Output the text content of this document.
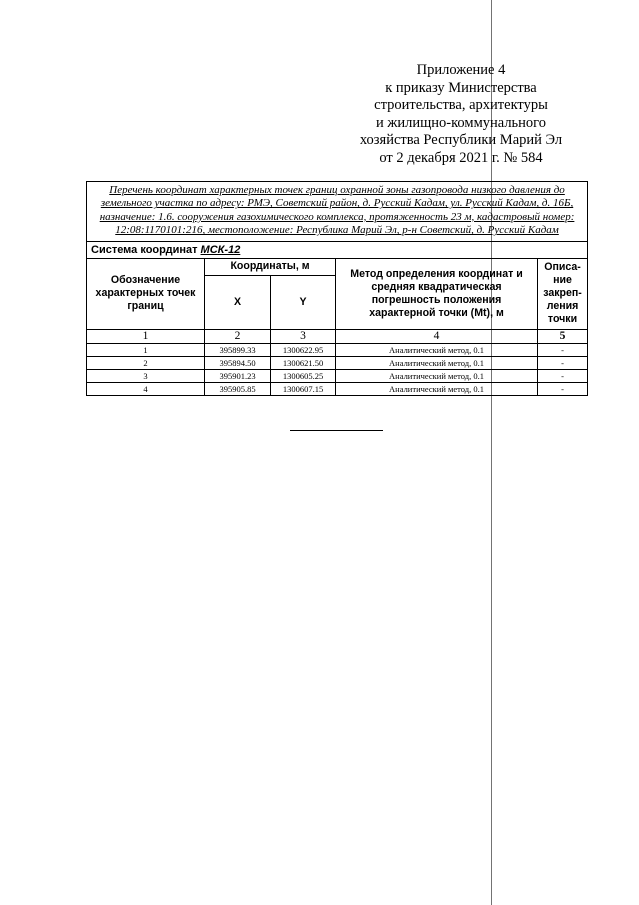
Приложение 4
к приказу Министерства
строительства, архитектуры
и жилищно-коммунального
хозяйства Республики Марий Эл
от 2 декабря 2021 г. № 584
Перечень координат характерных точек границ охранной зоны газопровода низкого давления до земельного участка по адресу: РМЭ, Советский район, д. Русский Кадам, ул. Русский Кадам, д. 16Б, назначение: 1.6. сооружения газохимического комплекса, протяженность 23 м, кадастровый номер: 12:08:1170101:216, местоположение: Республика Марий Эл, р-н Советский, д. Русский Кадам				
Система координат МСК-12				
Обозначение характерных точек границ	Координаты, м		Метод определения координат и средняя квадратическая погрешность положения характерной точки (Mt), м	Описа-ние закреп-ления точки
	X	Y		
1	2	3	4	5
1	395899.33	1300622.95	Аналитический метод, 0.1	-
2	395894.50	1300621.50	Аналитический метод, 0.1	-
3	395901.23	1300605.25	Аналитический метод, 0.1	-
4	395905.85	1300607.15	Аналитический метод, 0.1	-
